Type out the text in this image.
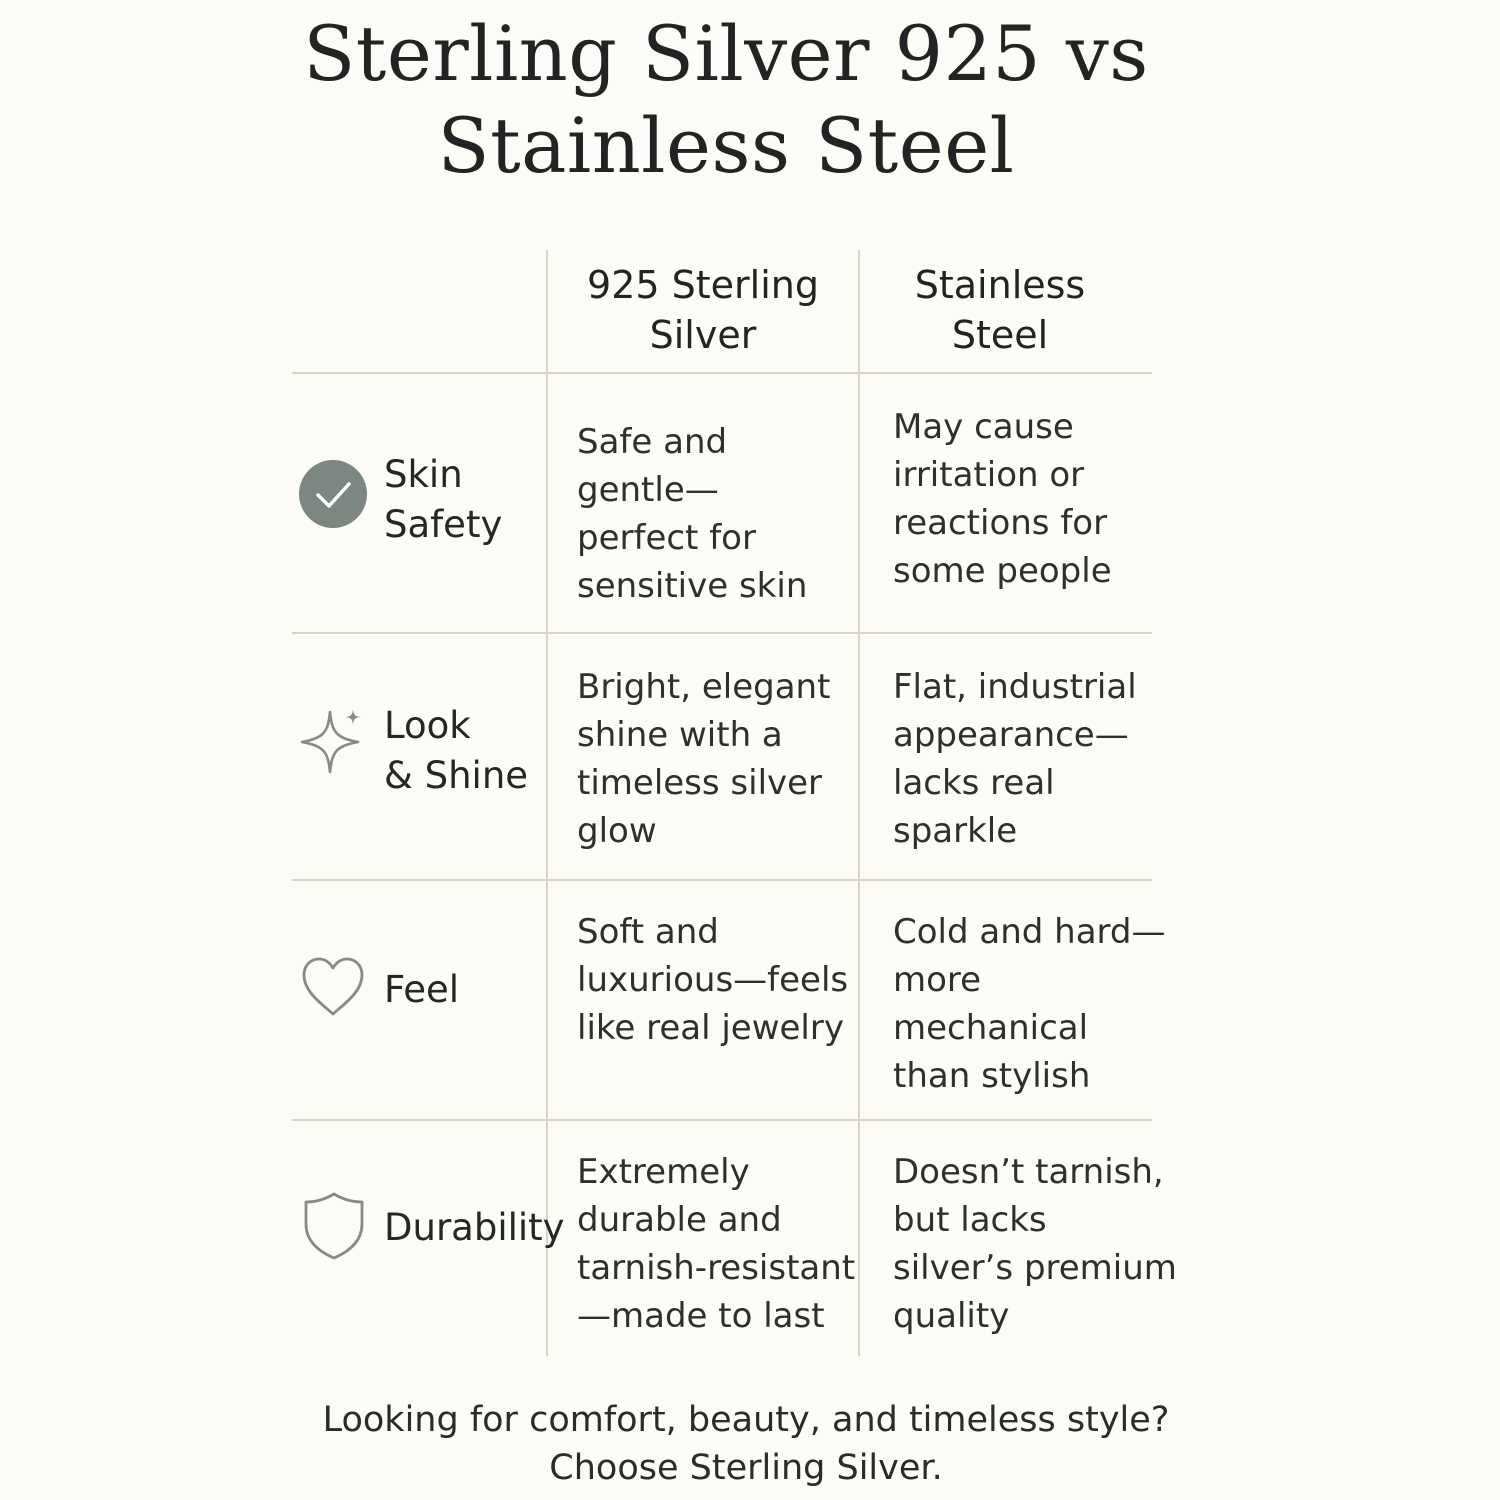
Sterling Silver 925 vs
Stainless Steel
925 Sterling
Silver
Stainless
Steel
Skin
Safety
Safe and
gentle—
perfect for
sensitive skin
May cause
irritation or
reactions for
some people
Look
& Shine
Bright, elegant
shine with a
timeless silver
glow
Flat, industrial
appearance—
lacks real
sparkle
Feel
Soft and
luxurious—feels
like real jewelry
Cold and hard—
more
mechanical
than stylish
Durability
Extremely
durable and
tarnish-resistant
—made to last
Doesn’t tarnish,
but lacks
silver’s premium
quality
Looking for comfort, beauty, and timeless style?
Choose Sterling Silver.
